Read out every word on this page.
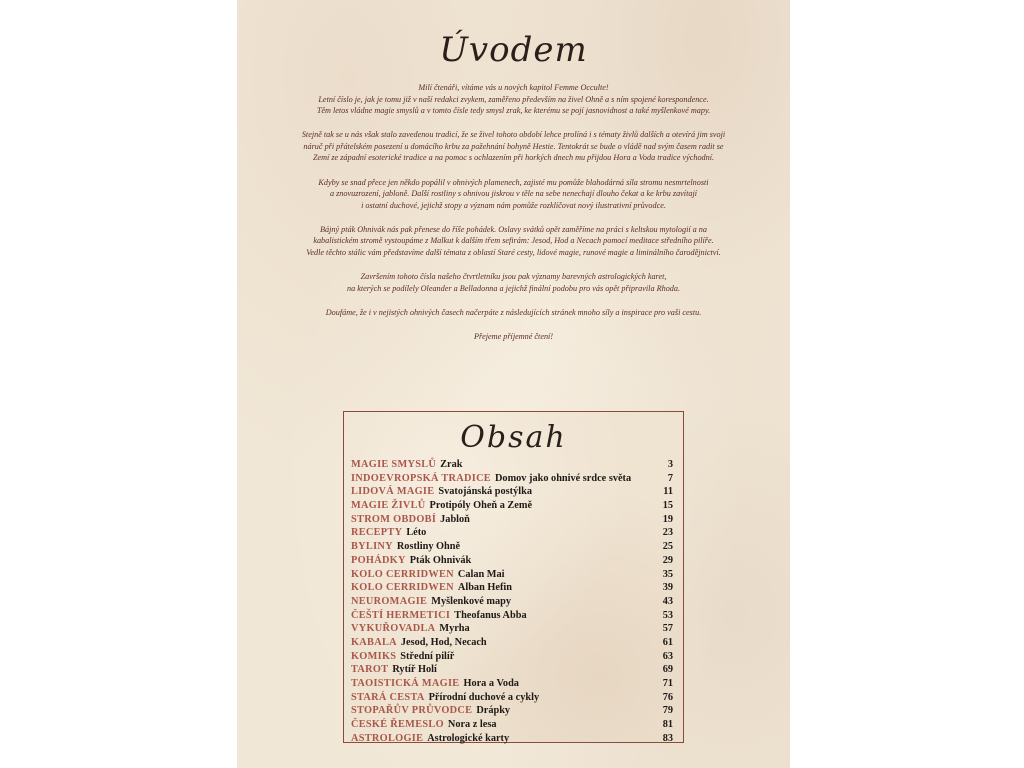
Úvodem

Milí čtenáři, vítáme vás u nových kapitol Femme Occulte!
Letní číslo je, jak je tomu již v naší redakci zvykem, zaměřeno především na živel Ohně a s ním spojené korespondence.
Těm letos vládne magie smyslů a v tomto čísle tedy smysl zrak, ke kterému se pojí jasnovidnost a také myšlenkové mapy.

Stejně tak se u nás však stalo zavedenou tradicí, že se živel tohoto období lehce prolíná i s tématy živlů dalších a otevírá jim svoji
náruč při přátelském posezení u domácího krbu za požehnání bohyně Hestie. Tentokrát se bude o vládě nad svým časem radit se
Zemí ze západní esoterické tradice a na pomoc s ochlazením při horkých dnech mu přijdou Hora a Voda tradice východní.

Kdyby se snad přece jen někdo popálil v ohnivých plamenech, zajisté mu pomůže blahodárná síla stromu nesmrtelnosti
a znovuzrození, jabloně. Další rostliny s ohnivou jiskrou v těle na sebe nenechají dlouho čekat a ke krbu zavítají
i ostatní duchové, jejichž stopy a význam nám pomůže rozklíčovat nový ilustrativní průvodce.

Bájný pták Ohnivák nás pak přenese do říše pohádek. Oslavy svátků opět zaměříme na práci s keltskou mytologií a na
kabalistickém stromě vystoupáme z Malkut k dalším třem sefirám: Jesod, Hod a Necach pomocí meditace středního pilíře.
Vedle těchto stálic vám představíme další témata z oblastí Staré cesty, lidové magie, runové magie a liminálního čarodějnictví.

Završením tohoto čísla našeho čtvrtletníku jsou pak významy barevných astrologických karet,
na kterých se podílely Oleander a Belladonna a jejichž finální podobu pro vás opět připravila Rhoda.

Doufáme, že i v nejistých ohnivých časech načerpáte z následujících stránek mnoho síly a inspirace pro vaši cestu.

Přejeme příjemné čtení!

Obsah
MAGIE SMYSLŮ Zrak	3
INDOEVROPSKÁ TRADICE Domov jako ohnivé srdce světa	7
LIDOVÁ MAGIE Svatojánská postýlka	11
MAGIE ŽIVLŮ Protipóly Oheň a Země	15
STROM OBDOBÍ Jabloň	19
RECEPTY Léto	23
BYLINY Rostliny Ohně	25
POHÁDKY Pták Ohnivák	29
KOLO CERRIDWEN Calan Mai	35
KOLO CERRIDWEN Alban Hefin	39
NEUROMAGIE Myšlenkové mapy	43
ČEŠTÍ HERMETICI Theofanus Abba	53
VYKUŘOVADLA Myrha	57
KABALA Jesod, Hod, Necach	61
KOMIKS Střední pilíř	63
TAROT Rytíř Holí	69
TAOISTICKÁ MAGIE Hora a Voda	71
STARÁ CESTA Přírodní duchové a cykly	76
STOPAŘŮV PRŮVODCE Drápky	79
ČESKÉ ŘEMESLO Nora z lesa	81
ASTROLOGIE Astrologické karty	83
